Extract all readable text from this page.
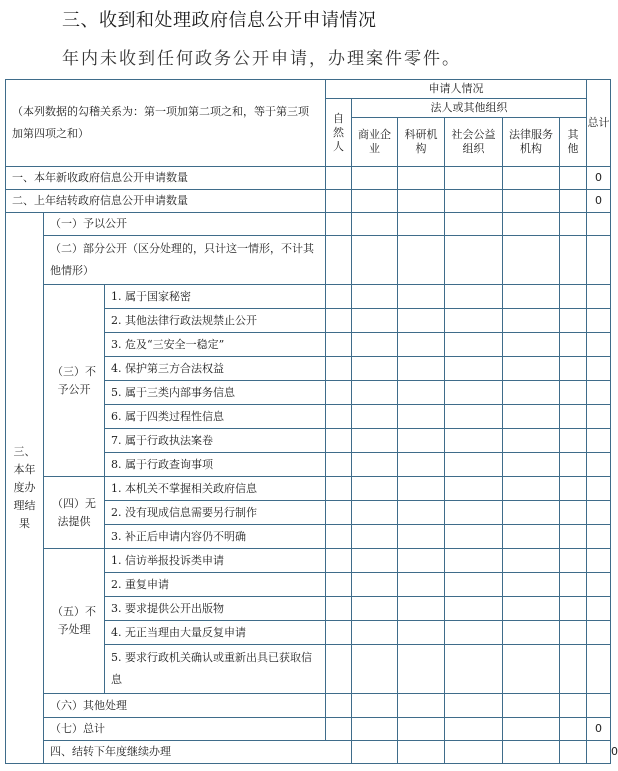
三、收到和处理政府信息公开申请情况
年内未收到任何政务公开申请，办理案件零件。
（本列数据的勾稽关系为：第一项加第二项之和，等于第三项加第四项之和）			申请人情况						总计	
			自然人	法人或其他组织						
				商业企业	科研机构	社会公益组织	法律服务机构	其他		
一、本年新收政府信息公开申请数量									0	
二、上年结转政府信息公开申请数量									0	
三、本年度办理结果	（一）予以公开									
	（二）部分公开（区分处理的，只计这一情形，不计其他情形）									
	（三）不予公开	1. 属于国家秘密								
		2. 其他法律行政法规禁止公开								
		3. 危及“三安全一稳定”								
		4. 保护第三方合法权益								
		5. 属于三类内部事务信息								
		6. 属于四类过程性信息								
		7. 属于行政执法案卷								
		8. 属于行政查询事项								
	（四）无法提供	1. 本机关不掌握相关政府信息								
		2. 没有现成信息需要另行制作								
		3. 补正后申请内容仍不明确								
	（五）不予处理	1. 信访举报投诉类申请								
		2. 重复申请								
		3. 要求提供公开出版物								
		4. 无正当理由大量反复申请								
		5. 要求行政机关确认或重新出具已获取信息								
	（六）其他处理									
	（七）总计								0	
	四、结转下年度继续办理									0
